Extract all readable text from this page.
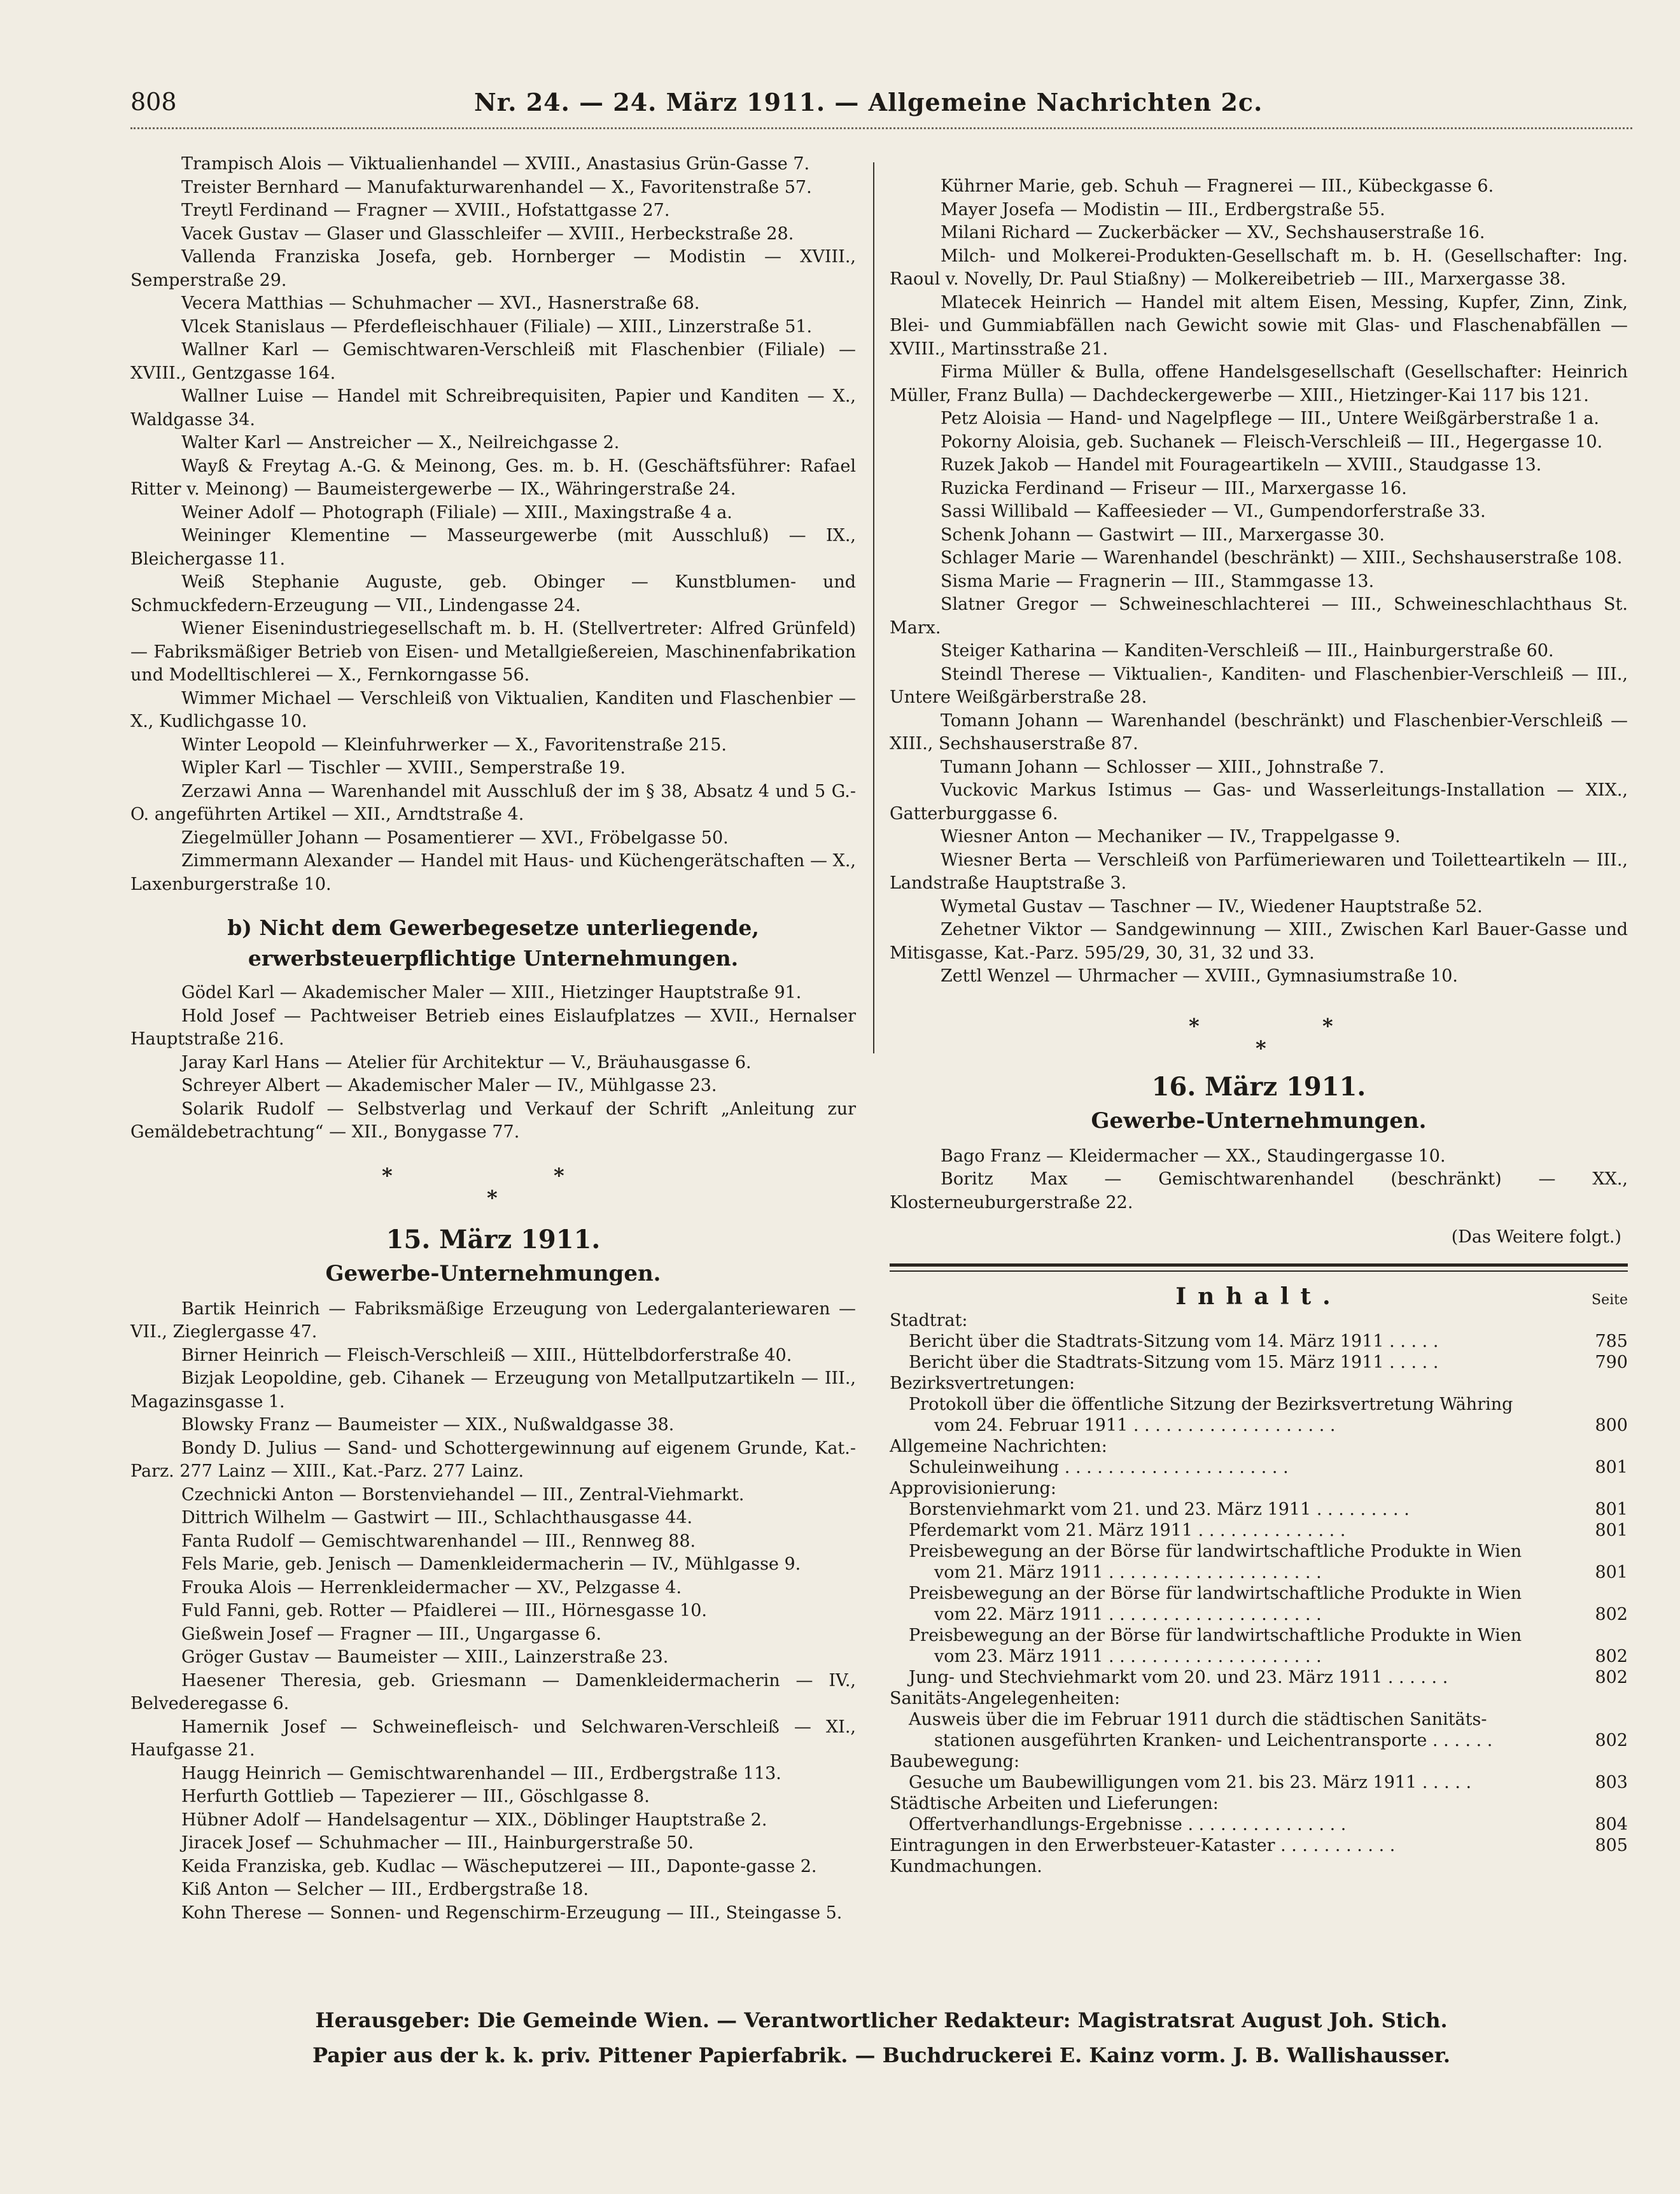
808	Nr. 24. — 24. März 1911. — Allgemeine Nachrichten 2c.

Trampisch Alois — Viktualienhandel — XVIII., Anastasius Grün-Gasse 7.

Treister Bernhard — Manufakturwarenhandel — X., Favoritenstraße 57.

Treytl Ferdinand — Fragner — XVIII., Hofstattgasse 27.

Vacek Gustav — Glaser und Glasschleifer — XVIII., Herbeckstraße 28.

Vallenda Franziska Josefa, geb. Hornberger — Modistin — XVIII., Semperstraße 29.

Vecera Matthias — Schuhmacher — XVI., Hasnerstraße 68.

Vlcek Stanislaus — Pferdefleischhauer (Filiale) — XIII., Linzerstraße 51.

Wallner Karl — Gemischtwaren-Verschleiß mit Flaschenbier (Filiale) — XVIII., Gentzgasse 164.

Wallner Luise — Handel mit Schreibrequisiten, Papier und Kanditen — X., Waldgasse 34.

Walter Karl — Anstreicher — X., Neilreichgasse 2.

Wayß & Freytag A.-G. & Meinong, Ges. m. b. H. (Geschäftsführer: Rafael Ritter v. Meinong) — Baumeistergewerbe — IX., Währingerstraße 24.

Weiner Adolf — Photograph (Filiale) — XIII., Maxingstraße 4 a.

Weininger Klementine — Masseurgewerbe (mit Ausschluß) — IX., Bleichergasse 11.

Weiß Stephanie Auguste, geb. Obinger — Kunstblumen- und Schmuckfedern-Erzeugung — VII., Lindengasse 24.

Wiener Eisenindustriegesellschaft m. b. H. (Stellvertreter: Alfred Grünfeld) — Fabriksmäßiger Betrieb von Eisen- und Metallgießereien, Maschinenfabrikation und Modelltischlerei — X., Fernkorngasse 56.

Wimmer Michael — Verschleiß von Viktualien, Kanditen und Flaschenbier — X., Kudlichgasse 10.

Winter Leopold — Kleinfuhrwerker — X., Favoritenstraße 215.

Wipler Karl — Tischler — XVIII., Semperstraße 19.

Zerzawi Anna — Warenhandel mit Ausschluß der im § 38, Absatz 4 und 5 G.-O. angeführten Artikel — XII., Arndtstraße 4.

Ziegelmüller Johann — Posamentierer — XVI., Fröbelgasse 50.

Zimmermann Alexander — Handel mit Haus- und Küchengerätschaften — X., Laxenburgerstraße 10.

b) Nicht dem Gewerbegesetze unterliegende, erwerbsteuerpflichtige Unternehmungen.

Gödel Karl — Akademischer Maler — XIII., Hietzinger Hauptstraße 91.

Hold Josef — Pachtweiser Betrieb eines Eislaufplatzes — XVII., Hernalser Hauptstraße 216.

Jaray Karl Hans — Atelier für Architektur — V., Bräuhausgasse 6.

Schreyer Albert — Akademischer Maler — IV., Mühlgasse 23.

Solarik Rudolf — Selbstverlag und Verkauf der Schrift „Anleitung zur Gemäldebetrachtung“ — XII., Bonygasse 77.

*
*
*
15. März 1911.
Gewerbe-Unternehmungen.

Bartik Heinrich — Fabriksmäßige Erzeugung von Ledergalanteriewaren — VII., Zieglergasse 47.

Birner Heinrich — Fleisch-Verschleiß — XIII., Hüttelbdorferstraße 40.

Bizjak Leopoldine, geb. Cihanek — Erzeugung von Metallputzartikeln — III., Magazinsgasse 1.

Blowsky Franz — Baumeister — XIX., Nußwaldgasse 38.

Bondy D. Julius — Sand- und Schottergewinnung auf eigenem Grunde, Kat.-Parz. 277 Lainz — XIII., Kat.-Parz. 277 Lainz.

Czechnicki Anton — Borstenviehandel — III., Zentral-Viehmarkt.

Dittrich Wilhelm — Gastwirt — III., Schlachthausgasse 44.

Fanta Rudolf — Gemischtwarenhandel — III., Rennweg 88.

Fels Marie, geb. Jenisch — Damenkleidermacherin — IV., Mühlgasse 9.

Frouka Alois — Herrenkleidermacher — XV., Pelzgasse 4.

Fuld Fanni, geb. Rotter — Pfaidlerei — III., Hörnesgasse 10.

Gießwein Josef — Fragner — III., Ungargasse 6.

Gröger Gustav — Baumeister — XIII., Lainzerstraße 23.

Haesener Theresia, geb. Griesmann — Damenkleidermacherin — IV., Belvederegasse 6.

Hamernik Josef — Schweinefleisch- und Selchwaren-Verschleiß — XI., Haufgasse 21.

Haugg Heinrich — Gemischtwarenhandel — III., Erdbergstraße 113.

Herfurth Gottlieb — Tapezierer — III., Göschlgasse 8.

Hübner Adolf — Handelsagentur — XIX., Döblinger Hauptstraße 2.

Jiracek Josef — Schuhmacher — III., Hainburgerstraße 50.

Keida Franziska, geb. Kudlac — Wäscheputzerei — III., Daponte-gasse 2.

Kiß Anton — Selcher — III., Erdbergstraße 18.

Kohn Therese — Sonnen- und Regenschirm-Erzeugung — III., Steingasse 5.

Kührner Marie, geb. Schuh — Fragnerei — III., Kübeckgasse 6.

Mayer Josefa — Modistin — III., Erdbergstraße 55.

Milani Richard — Zuckerbäcker — XV., Sechshauserstraße 16.

Milch- und Molkerei-Produkten-Gesellschaft m. b. H. (Gesellschafter: Ing. Raoul v. Novelly, Dr. Paul Stiaßny) — Molkereibetrieb — III., Marxergasse 38.

Mlatecek Heinrich — Handel mit altem Eisen, Messing, Kupfer, Zinn, Zink, Blei- und Gummiabfällen nach Gewicht sowie mit Glas- und Flaschenabfällen — XVIII., Martinsstraße 21.

Firma Müller & Bulla, offene Handelsgesellschaft (Gesellschafter: Heinrich Müller, Franz Bulla) — Dachdeckergewerbe — XIII., Hietzinger-Kai 117 bis 121.

Petz Aloisia — Hand- und Nagelpflege — III., Untere Weißgärberstraße 1 a.

Pokorny Aloisia, geb. Suchanek — Fleisch-Verschleiß — III., Hegergasse 10.

Ruzek Jakob — Handel mit Fourageartikeln — XVIII., Staudgasse 13.

Ruzicka Ferdinand — Friseur — III., Marxergasse 16.

Sassi Willibald — Kaffeesieder — VI., Gumpendorferstraße 33.

Schenk Johann — Gastwirt — III., Marxergasse 30.

Schlager Marie — Warenhandel (beschränkt) — XIII., Sechshauserstraße 108.

Sisma Marie — Fragnerin — III., Stammgasse 13.

Slatner Gregor — Schweineschlachterei — III., Schweineschlachthaus St. Marx.

Steiger Katharina — Kanditen-Verschleiß — III., Hainburgerstraße 60.

Steindl Therese — Viktualien-, Kanditen- und Flaschenbier-Verschleiß — III., Untere Weißgärberstraße 28.

Tomann Johann — Warenhandel (beschränkt) und Flaschenbier-Verschleiß — XIII., Sechshauserstraße 87.

Tumann Johann — Schlosser — XIII., Johnstraße 7.

Vuckovic Markus Istimus — Gas- und Wasserleitungs-Installation — XIX., Gatterburggasse 6.

Wiesner Anton — Mechaniker — IV., Trappelgasse 9.

Wiesner Berta — Verschleiß von Parfümeriewaren und Toiletteartikeln — III., Landstraße Hauptstraße 3.

Wymetal Gustav — Taschner — IV., Wiedener Hauptstraße 52.

Zehetner Viktor — Sandgewinnung — XIII., Zwischen Karl Bauer-Gasse und Mitisgasse, Kat.-Parz. 595/29, 30, 31, 32 und 33.

Zettl Wenzel — Uhrmacher — XVIII., Gymnasiumstraße 10.

*
*
*
16. März 1911.
Gewerbe-Unternehmungen.

Bago Franz — Kleidermacher — XX., Staudingergasse 10.

Boritz Max — Gemischtwarenhandel (beschränkt) — XX., Klosterneuburgerstraße 22.

(Das Weitere folgt.)
Inhalt.	Seite
Stadtrat:
Bericht über die Stadtrats-Sitzung vom 14. März 1911 . . . . .	785
Bericht über die Stadtrats-Sitzung vom 15. März 1911 . . . . .	790
Bezirksvertretungen:
Protokoll über die öffentliche Sitzung der Bezirksvertretung Währing
vom 24. Februar 1911 . . . . . . . . . . . . . . . . . . .	800
Allgemeine Nachrichten:
Schuleinweihung . . . . . . . . . . . . . . . . . . . . .	801
Approvisionierung:
Borstenviehmarkt vom 21. und 23. März 1911 . . . . . . . . .	801
Pferdemarkt vom 21. März 1911 . . . . . . . . . . . . . .	801
Preisbewegung an der Börse für landwirtschaftliche Produkte in Wien
vom 21. März 1911 . . . . . . . . . . . . . . . . . . . .	801
Preisbewegung an der Börse für landwirtschaftliche Produkte in Wien
vom 22. März 1911 . . . . . . . . . . . . . . . . . . . .	802
Preisbewegung an der Börse für landwirtschaftliche Produkte in Wien
vom 23. März 1911 . . . . . . . . . . . . . . . . . . . .	802
Jung- und Stechviehmarkt vom 20. und 23. März 1911 . . . . . .	802
Sanitäts-Angelegenheiten:
Ausweis über die im Februar 1911 durch die städtischen Sanitäts-
stationen ausgeführten Kranken- und Leichentransporte . . . . . .	802
Baubewegung:
Gesuche um Baubewilligungen vom 21. bis 23. März 1911 . . . . .	803
Städtische Arbeiten und Lieferungen:
Offertverhandlungs-Ergebnisse . . . . . . . . . . . . . . .	804
Eintragungen in den Erwerbsteuer-Kataster . . . . . . . . . . .	805
Kundmachungen.
Herausgeber: Die Gemeinde Wien. — Verantwortlicher Redakteur: Magistratsrat August Joh. Stich.
Papier aus der k. k. priv. Pittener Papierfabrik. — Buchdruckerei E. Kainz vorm. J. B. Wallishausser.
